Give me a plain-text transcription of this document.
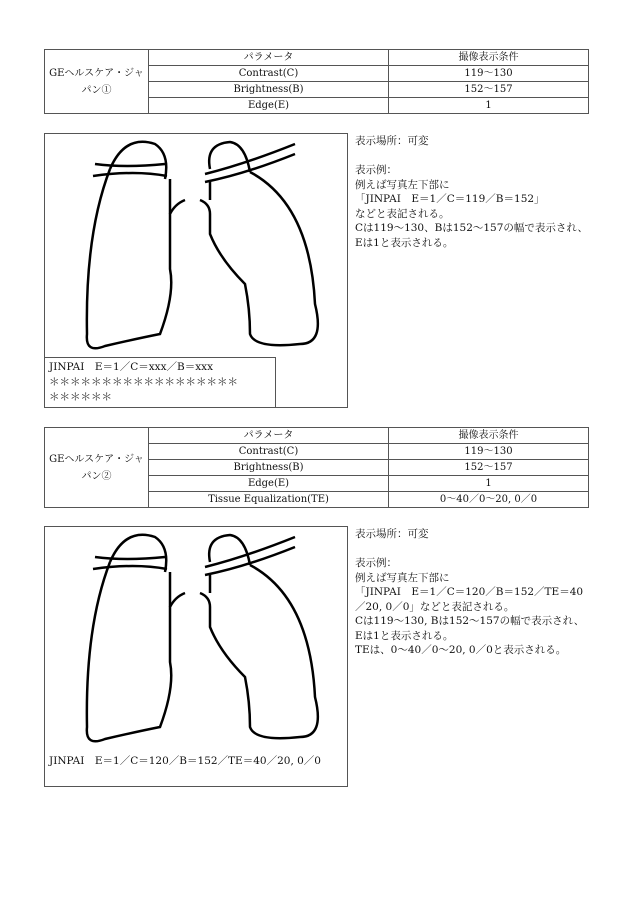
GEヘルスケア・ジャパン①	パラメータ	撮像表示条件
	Contrast(C)	119～130
	Brightness(B)	152～157
	Edge(E)	1
JINPAI　E＝1／C＝xxx／B＝xxx
＊＊＊＊＊＊＊＊＊＊＊＊＊＊＊＊＊＊
＊＊＊＊＊＊
表示場所：可変
表示例：
例えば写真左下部に
「JINPAI　E＝1／C＝119／B＝152」
などと表記される。
Cは119～130、Bは152～157の幅で表示され、
Eは1と表示される。
GEヘルスケア・ジャパン②	パラメータ	撮像表示条件
	Contrast(C)	119～130
	Brightness(B)	152～157
	Edge(E)	1
	Tissue Equalization(TE)	0～40／0～20, 0／0
JINPAI　E＝1／C＝120／B＝152／TE＝40／20, 0／0
表示場所：可変
表示例：
例えば写真左下部に
「JINPAI　E＝1／C＝120／B＝152／TE＝40
／20, 0／0」などと表記される。
Cは119～130, Bは152～157の幅で表示され、
Eは1と表示される。
TEは、0～40／0～20, 0／0と表示される。
